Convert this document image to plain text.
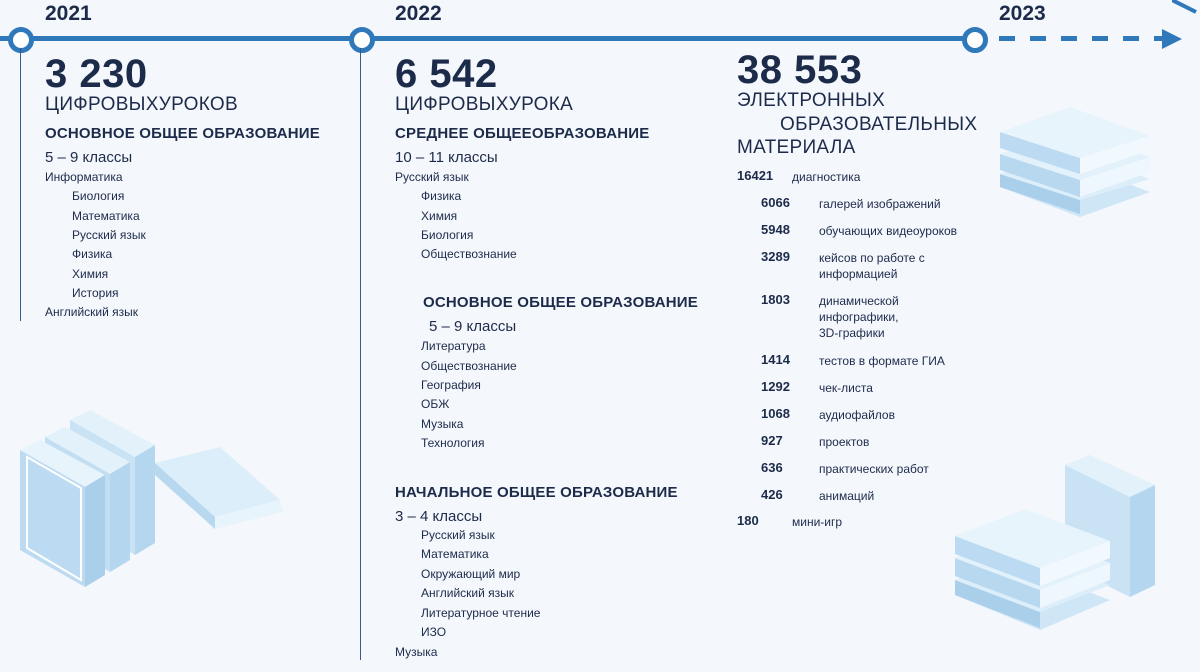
2021	2022	2023
3 230
ЦИФРОВЫХУРОКОВ
ОСНОВНОЕ ОБЩЕЕ ОБРАЗОВАНИЕ
5 – 9 классы
Информатика
Биология
Математика
Русский язык
Физика
Химия
История
Английский язык
6 542
ЦИФРОВЫХУРОКА
СРЕДНЕЕ ОБЩЕЕОБРАЗОВАНИЕ
10 – 11 классы
Русский язык
Физика
Химия
Биология
Обществознание
ОСНОВНОЕ ОБЩЕЕ ОБРАЗОВАНИЕ
5 – 9 классы
Литература
Обществознание
География
ОБЖ
Музыка
Технология
НАЧАЛЬНОЕ ОБЩЕЕ ОБРАЗОВАНИЕ
3 – 4 классы
Русский язык
Математика
Окружающий мир
Английский язык
Литературное чтение
ИЗО
Музыка
38 553
ЭЛЕКТРОННЫХ
ОБРАЗОВАТЕЛЬНЫХ
МАТЕРИАЛА
16421 диагностика
6066 галерей изображений
5948 обучающих видеоуроков
3289 кейсов по работе с информацией
1803 динамической инфографики, 3D-графики
1414 тестов в формате ГИА
1292 чек-листа
1068 аудиофайлов
927	проектов
636	практических работ
426	анимаций
180	мини-игр
